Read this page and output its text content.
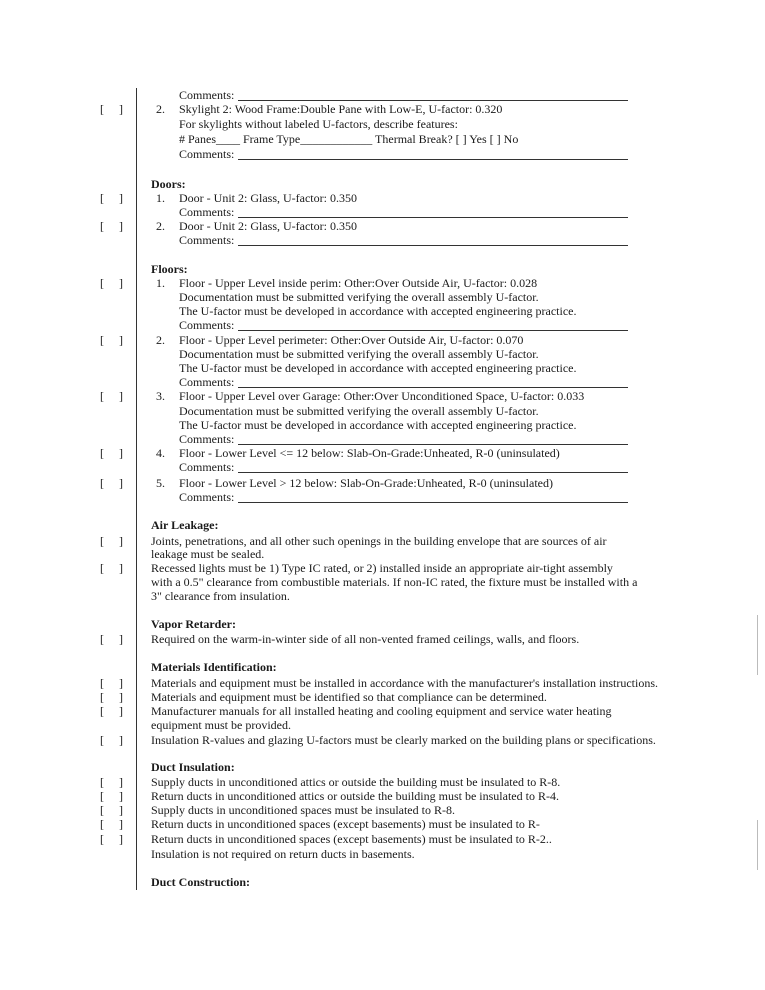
Comments:
[     ]	2. Skylight 2: Wood Frame:Double Pane with Low-E, U-factor: 0.320
For skylights without labeled U-factors, describe features:
# Panes____ Frame Type____________ Thermal Break? [ ] Yes [ ] No
Comments:
Doors:
[     ]	1. Door - Unit 2: Glass, U-factor: 0.350
Comments:
[     ]	2. Door - Unit 2: Glass, U-factor: 0.350
Comments:
Floors:
[     ]	1. Floor - Upper Level inside perim: Other:Over Outside Air, U-factor: 0.028
Documentation must be submitted verifying the overall assembly U-factor.
The U-factor must be developed in accordance with accepted engineering practice.
Comments:
[     ]	2. Floor - Upper Level perimeter: Other:Over Outside Air, U-factor: 0.070
Documentation must be submitted verifying the overall assembly U-factor.
The U-factor must be developed in accordance with accepted engineering practice.
Comments:
[     ]	3. Floor - Upper Level over Garage: Other:Over Unconditioned Space, U-factor: 0.033
Documentation must be submitted verifying the overall assembly U-factor.
The U-factor must be developed in accordance with accepted engineering practice.
Comments:
[     ]	4. Floor - Lower Level <= 12 below: Slab-On-Grade:Unheated, R-0 (uninsulated)
Comments:
[     ]	5. Floor - Lower Level > 12 below: Slab-On-Grade:Unheated, R-0 (uninsulated)
Comments:
Air Leakage:
[     ] Joints, penetrations, and all other such openings in the building envelope that are sources of air
leakage must be sealed.
[     ] Recessed lights must be 1) Type IC rated, or 2) installed inside an appropriate air-tight assembly
with a 0.5" clearance from combustible materials. If non-IC rated, the fixture must be installed with a
3" clearance from insulation.
Vapor Retarder:
[     ] Required on the warm-in-winter side of all non-vented framed ceilings, walls, and floors.
Materials Identification:
[     ] Materials and equipment must be installed in accordance with the manufacturer's installation instructions.
[     ] Materials and equipment must be identified so that compliance can be determined.
[     ] Manufacturer manuals for all installed heating and cooling equipment and service water heating
equipment must be provided.
[     ] Insulation R-values and glazing U-factors must be clearly marked on the building plans or specifications.
Duct Insulation:
[     ] Supply ducts in unconditioned attics or outside the building must be insulated to R-8.
[     ] Return ducts in unconditioned attics or outside the building must be insulated to R-4.
[     ] Supply ducts in unconditioned spaces must be insulated to R-8.
[     ] Return ducts in unconditioned spaces (except basements) must be insulated to R-
[     ] Return ducts in unconditioned spaces (except basements) must be insulated to R-2..
Insulation is not required on return ducts in basements.
Duct Construction:
